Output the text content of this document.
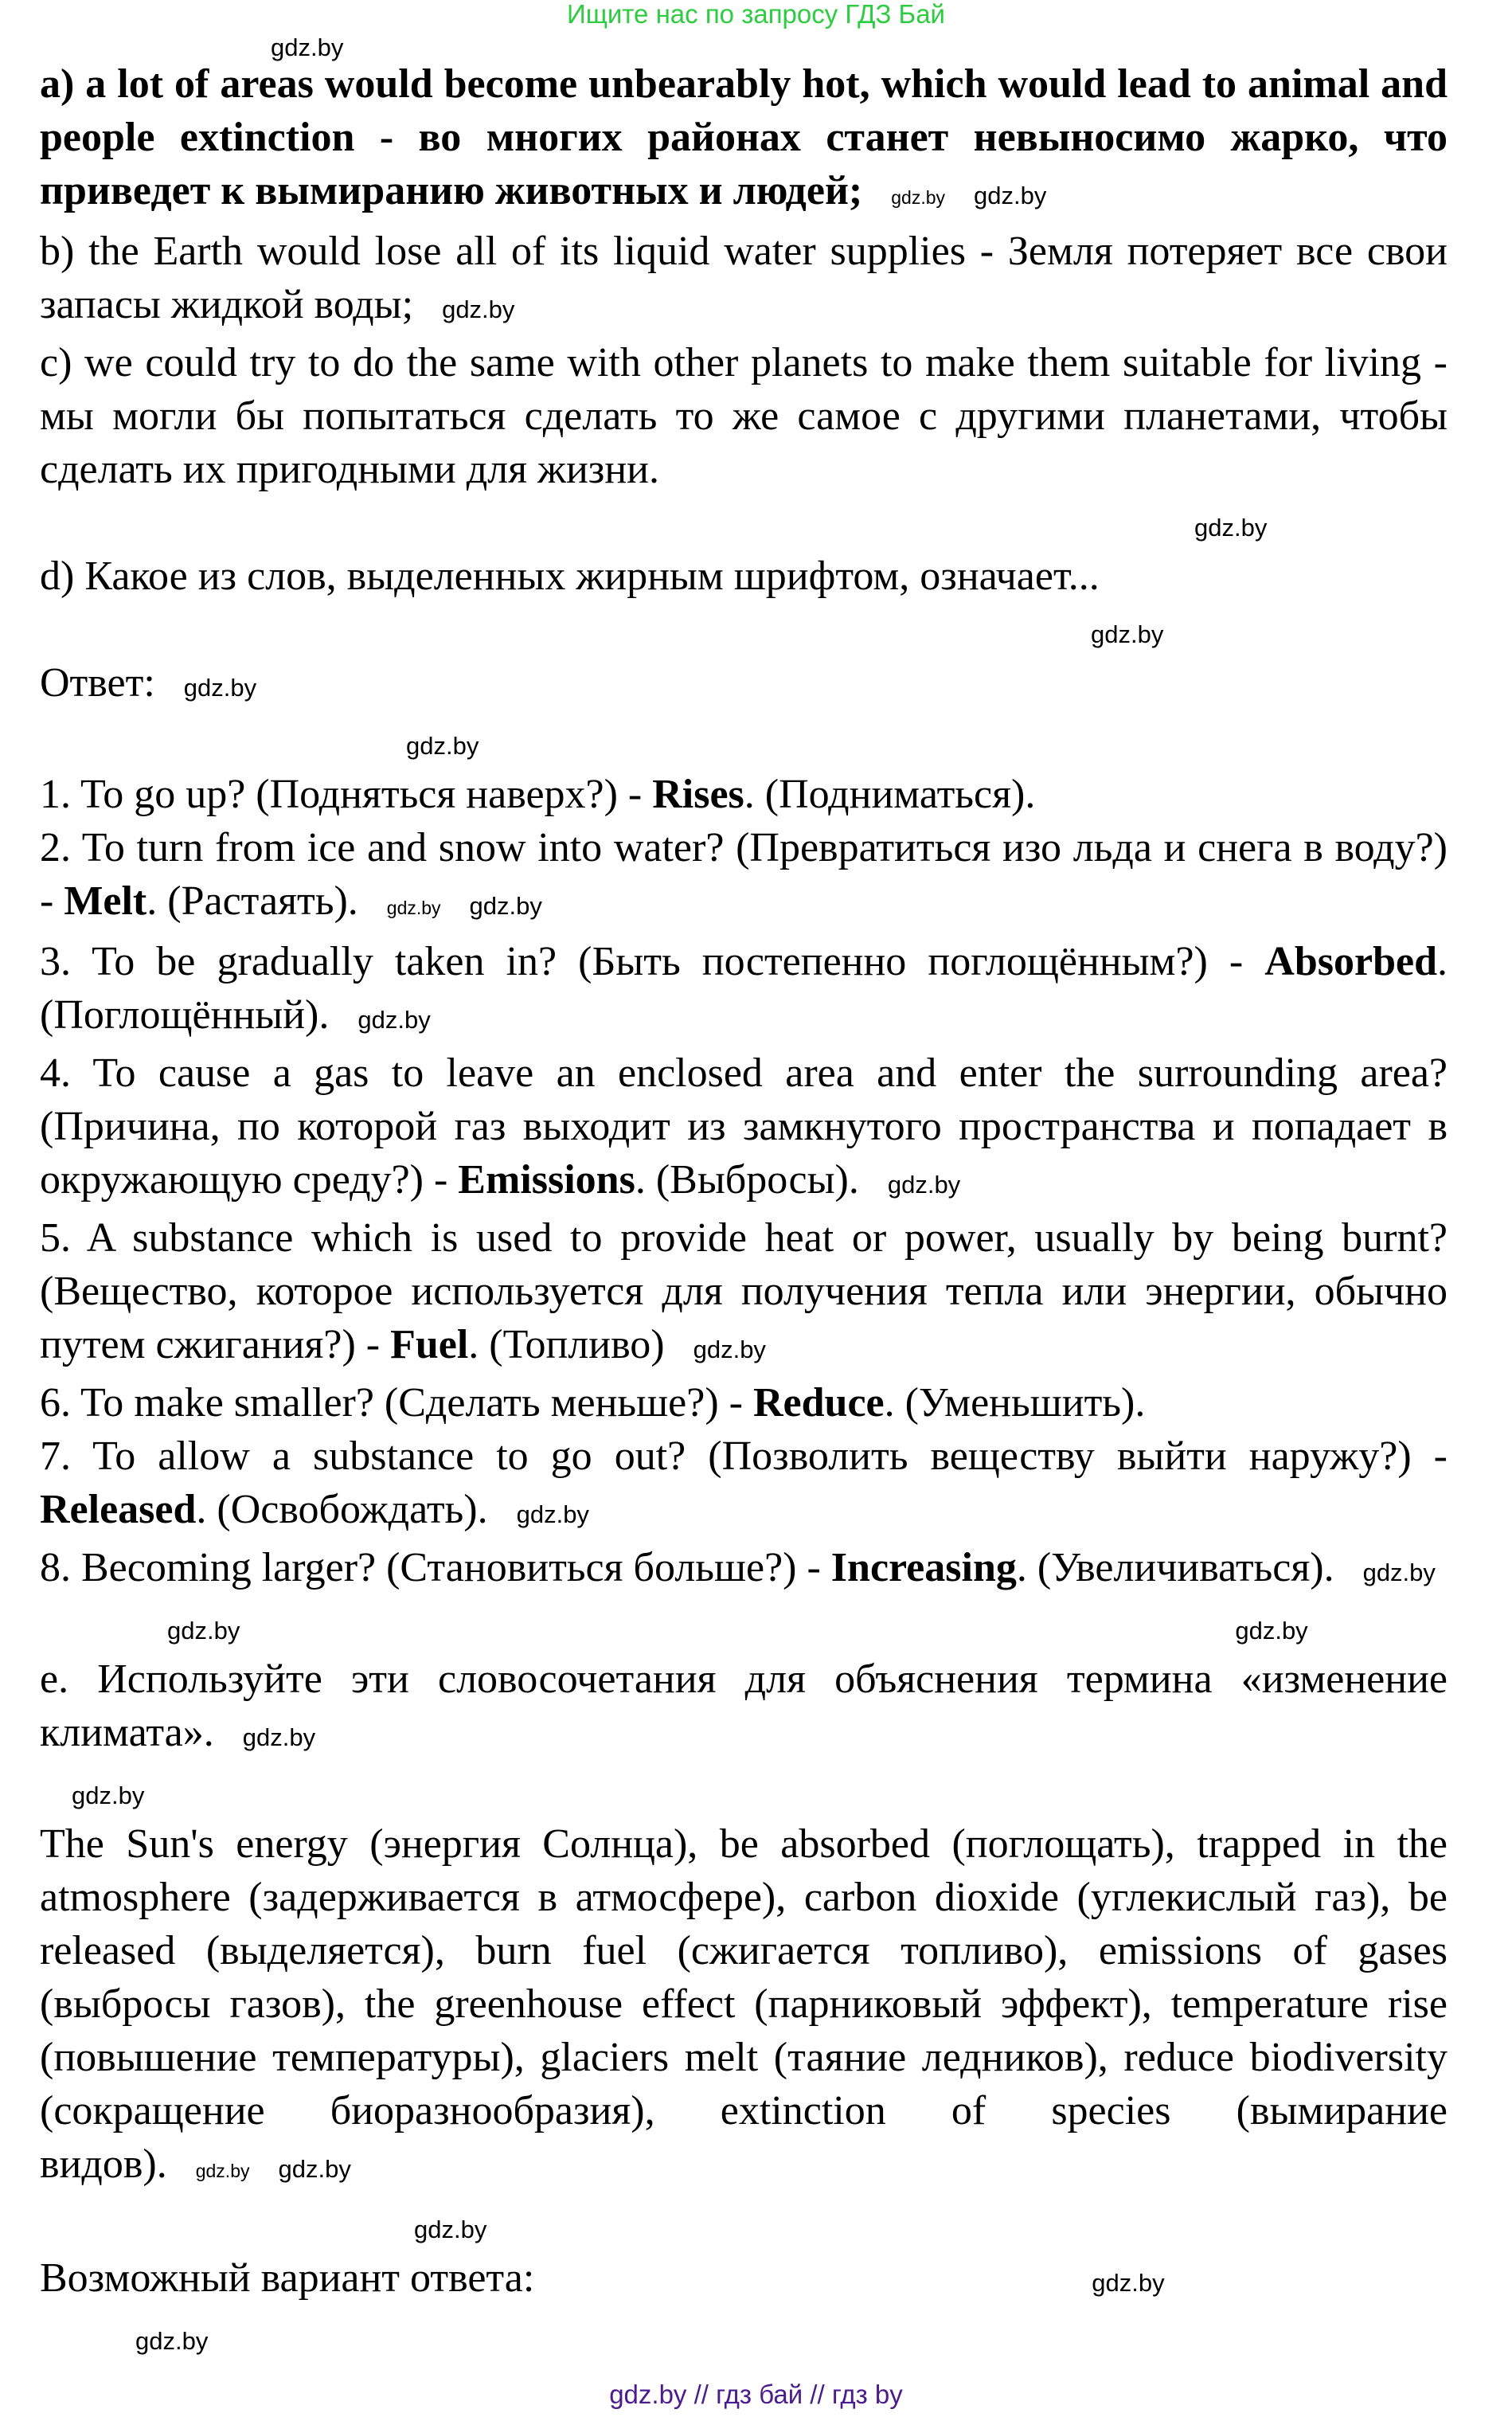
Ищите нас по запросу ГДЗ Бай
gdz.by

a) a lot of areas would become unbearably hot, which would lead to animal and people extinction - во многих районах станет невыносимо жарко, что приведет к вымиранию животных и людей; gdz.by gdz.by

b) the Earth would lose all of its liquid water supplies - Земля потеряет все свои запасы жидкой воды; gdz.by

c) we could try to do the same with other planets to make them suitable for living - мы могли бы попытаться сделать то же самое с другими планетами, чтобы сделать их пригодными для жизни.

gdz.by

d) Какое из слов, выделенных жирным шрифтом, означает...

gdz.by

Ответ: gdz.by

gdz.by

1. To go up? (Подняться наверх?) - Rises. (Подниматься).

2. To turn from ice and snow into water? (Превратиться изо льда и снега в воду?) - Melt. (Растаять). gdz.by gdz.by

3. To be gradually taken in? (Быть постепенно поглощённым?) - Absorbed. (Поглощённый). gdz.by

4. To cause a gas to leave an enclosed area and enter the surrounding area? (Причина, по которой газ выходит из замкнутого пространства и попадает в окружающую среду?) - Emissions. (Выбросы). gdz.by

5. A substance which is used to provide heat or power, usually by being burnt? (Вещество, которое используется для получения тепла или энергии, обычно путем сжигания?) - Fuel. (Топливо) gdz.by

6. To make smaller? (Сделать меньше?) - Reduce. (Уменьшить).

7. To allow a substance to go out? (Позволить веществу выйти наружу?) - Released. (Освобождать). gdz.by

8. Becoming larger? (Становиться больше?) - Increasing. (Увеличиваться). gdz.by

gdz.by	gdz.by

e. Используйте эти словосочетания для объяснения термина «изменение климата». gdz.by

gdz.by

The Sun's energy (энергия Солнца), be absorbed (поглощать), trapped in the atmosphere (задерживается в атмосфере), carbon dioxide (углекислый газ), be released (выделяется), burn fuel (сжигается топливо), emissions of gases (выбросы газов), the greenhouse effect (парниковый эффект), temperature rise (повышение температуры), glaciers melt (таяние ледников), reduce biodiversity (сокращение биоразнообразия), extinction of species (вымирание видов). gdz.by gdz.by

gdz.by

Возможный вариант ответа:	gdz.by

gdz.by
gdz.by // гдз бай // гдз by
